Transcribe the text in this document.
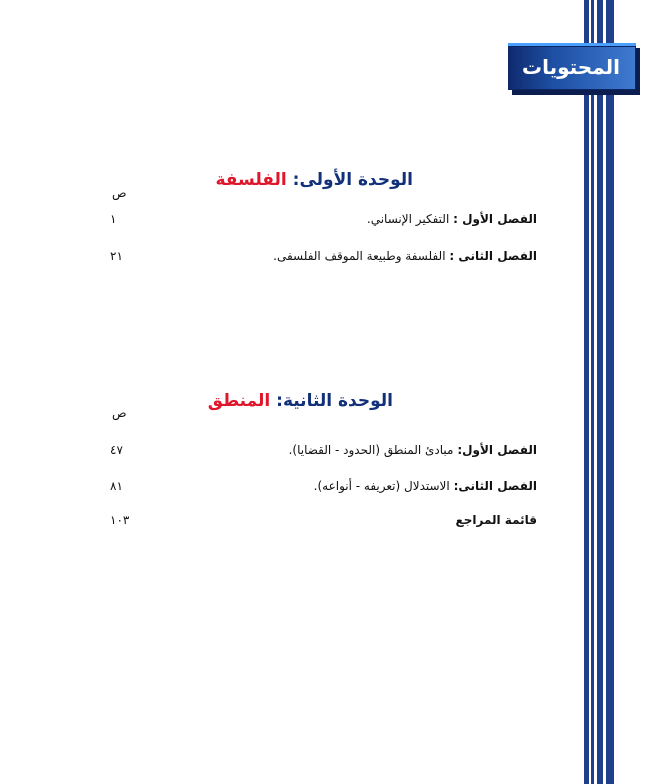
المحتويات
الوحدة الأولى: الفلسفة
ص
الفصل الأول : التفكير الإنساني.
١
الفصل الثانى : الفلسفة وطبيعة الموقف الفلسفى.
٢١
الوحدة الثانية: المنطق
ص
الفصل الأول: مبادئ المنطق (الحدود - القضايا).
٤٧
الفصل الثانى: الاستدلال (تعريفه - أنواعه).
٨١
قائمة المراجع
١٠٣
